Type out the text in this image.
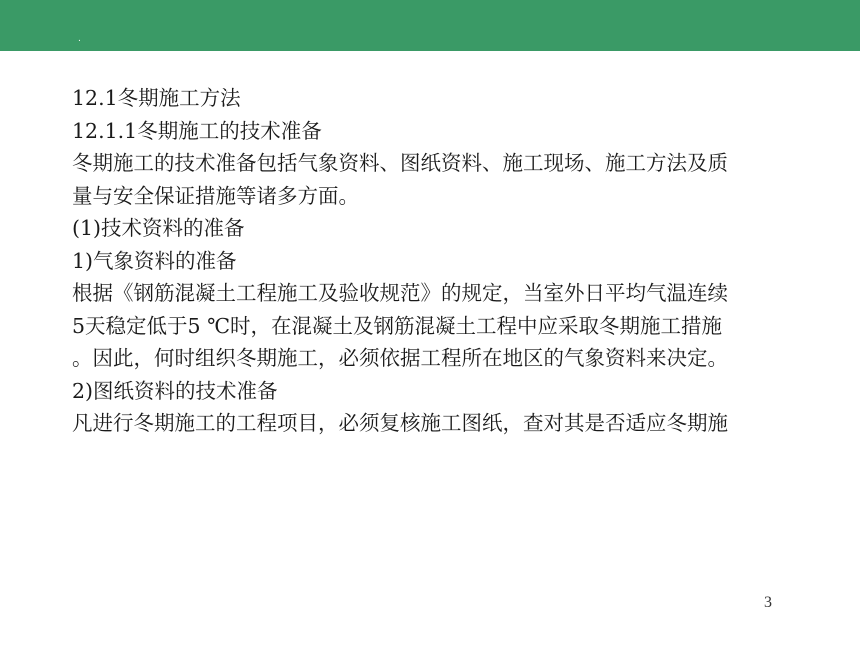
.

12.1冬期施工方法

12.1.1冬期施工的技术准备

冬期施工的技术准备包括气象资料、图纸资料、施工现场、施工方法及质

量与安全保证措施等诸多方面。

(1)技术资料的准备

1)气象资料的准备

根据《钢筋混凝土工程施工及验收规范》的规定，当室外日平均气温连续

5天稳定低于5 ℃时，在混凝土及钢筋混凝土工程中应采取冬期施工措施

。因此，何时组织冬期施工，必须依据工程所在地区的气象资料来决定。

2)图纸资料的技术准备

凡进行冬期施工的工程项目，必须复核施工图纸，查对其是否适应冬期施

3
